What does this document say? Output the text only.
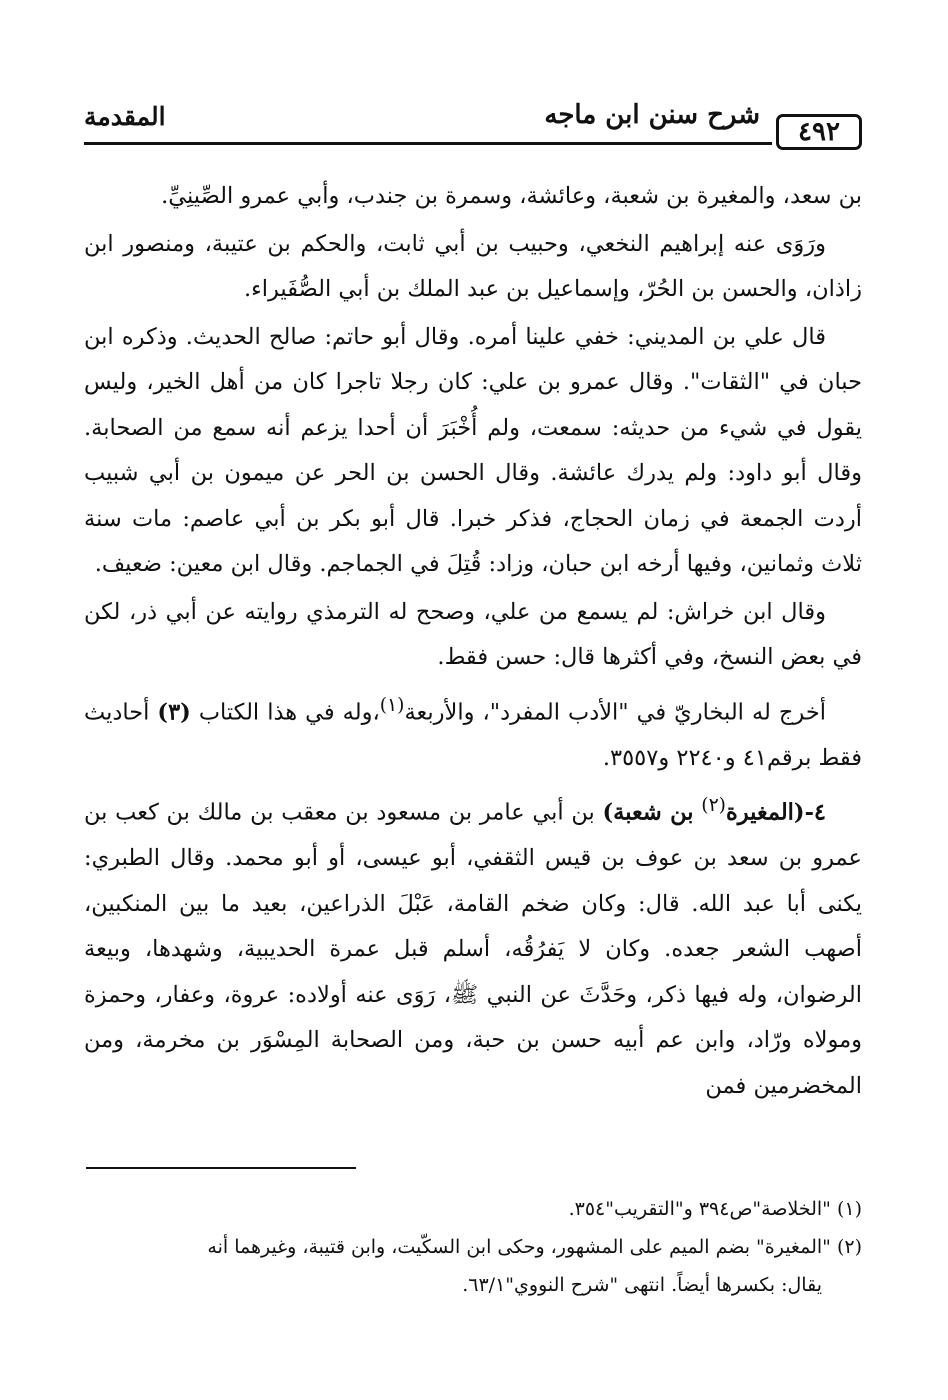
٤٩٢
شرح سنن ابن ماجه
المقدمة

بن سعد، والمغيرة بن شعبة، وعائشة، وسمرة بن جندب، وأبي عمرو الصِّينِيِّ.

ورَوَى عنه إبراهيم النخعي، وحبيب بن أبي ثابت، والحكم بن عتيبة، ومنصور ابن زاذان، والحسن بن الحُرّ، وإسماعيل بن عبد الملك بن أبي الصُّفَيراء.

قال علي بن المديني: خفي علينا أمره. وقال أبو حاتم: صالح الحديث. وذكره ابن حبان في "الثقات". وقال عمرو بن علي: كان رجلا تاجرا كان من أهل الخير، وليس يقول في شيء من حديثه: سمعت، ولم أُخْبَرَ أن أحدا يزعم أنه سمع من الصحابة. وقال أبو داود: ولم يدرك عائشة. وقال الحسن بن الحر عن ميمون بن أبي شبيب أردت الجمعة في زمان الحجاج، فذكر خبرا. قال أبو بكر بن أبي عاصم: مات سنة ثلاث وثمانين، وفيها أرخه ابن حبان، وزاد: قُتِلَ في الجماجم. وقال ابن معين: ضعيف.

وقال ابن خراش: لم يسمع من علي، وصحح له الترمذي روايته عن أبي ذر، لكن في بعض النسخ، وفي أكثرها قال: حسن فقط.

أخرج له البخاريّ في "الأدب المفرد"، والأربعة$^{(١)}$،وله في هذا الكتاب (٣) أحاديث فقط برقم٤١ و٢٢٤٠ و٣٥٥٧.

٤-(المغيرة$^{(٢)}$ بن شعبة) بن أبي عامر بن مسعود بن معقب بن مالك بن كعب بن عمرو بن سعد بن عوف بن قيس الثقفي، أبو عيسى، أو أبو محمد. وقال الطبري: يكنى أبا عبد الله. قال: وكان ضخم القامة، عَبْلَ الذراعين، بعيد ما بين المنكبين، أصهب الشعر جعده. وكان لا يَفرُقُه، أسلم قبل عمرة الحديبية، وشهدها، وبيعة الرضوان، وله فيها ذكر، وحَدَّثَ عن النبي ﷺ، رَوَى عنه أولاده: عروة، وعفار، وحمزة ومولاه ورّاد، وابن عم أبيه حسن بن حبة، ومن الصحابة المِسْوَر بن مخرمة، ومن المخضرمين فمن

(١) "الخلاصة"ص٣٩٤ و"التقريب"٣٥٤.

(٢) "المغيرة" بضم الميم على المشهور، وحكى ابن السكّيت، وابن قتيبة، وغيرهما أنه

يقال: بكسرها أيضاً. انتهى "شرح النووي"٦٣/١.
